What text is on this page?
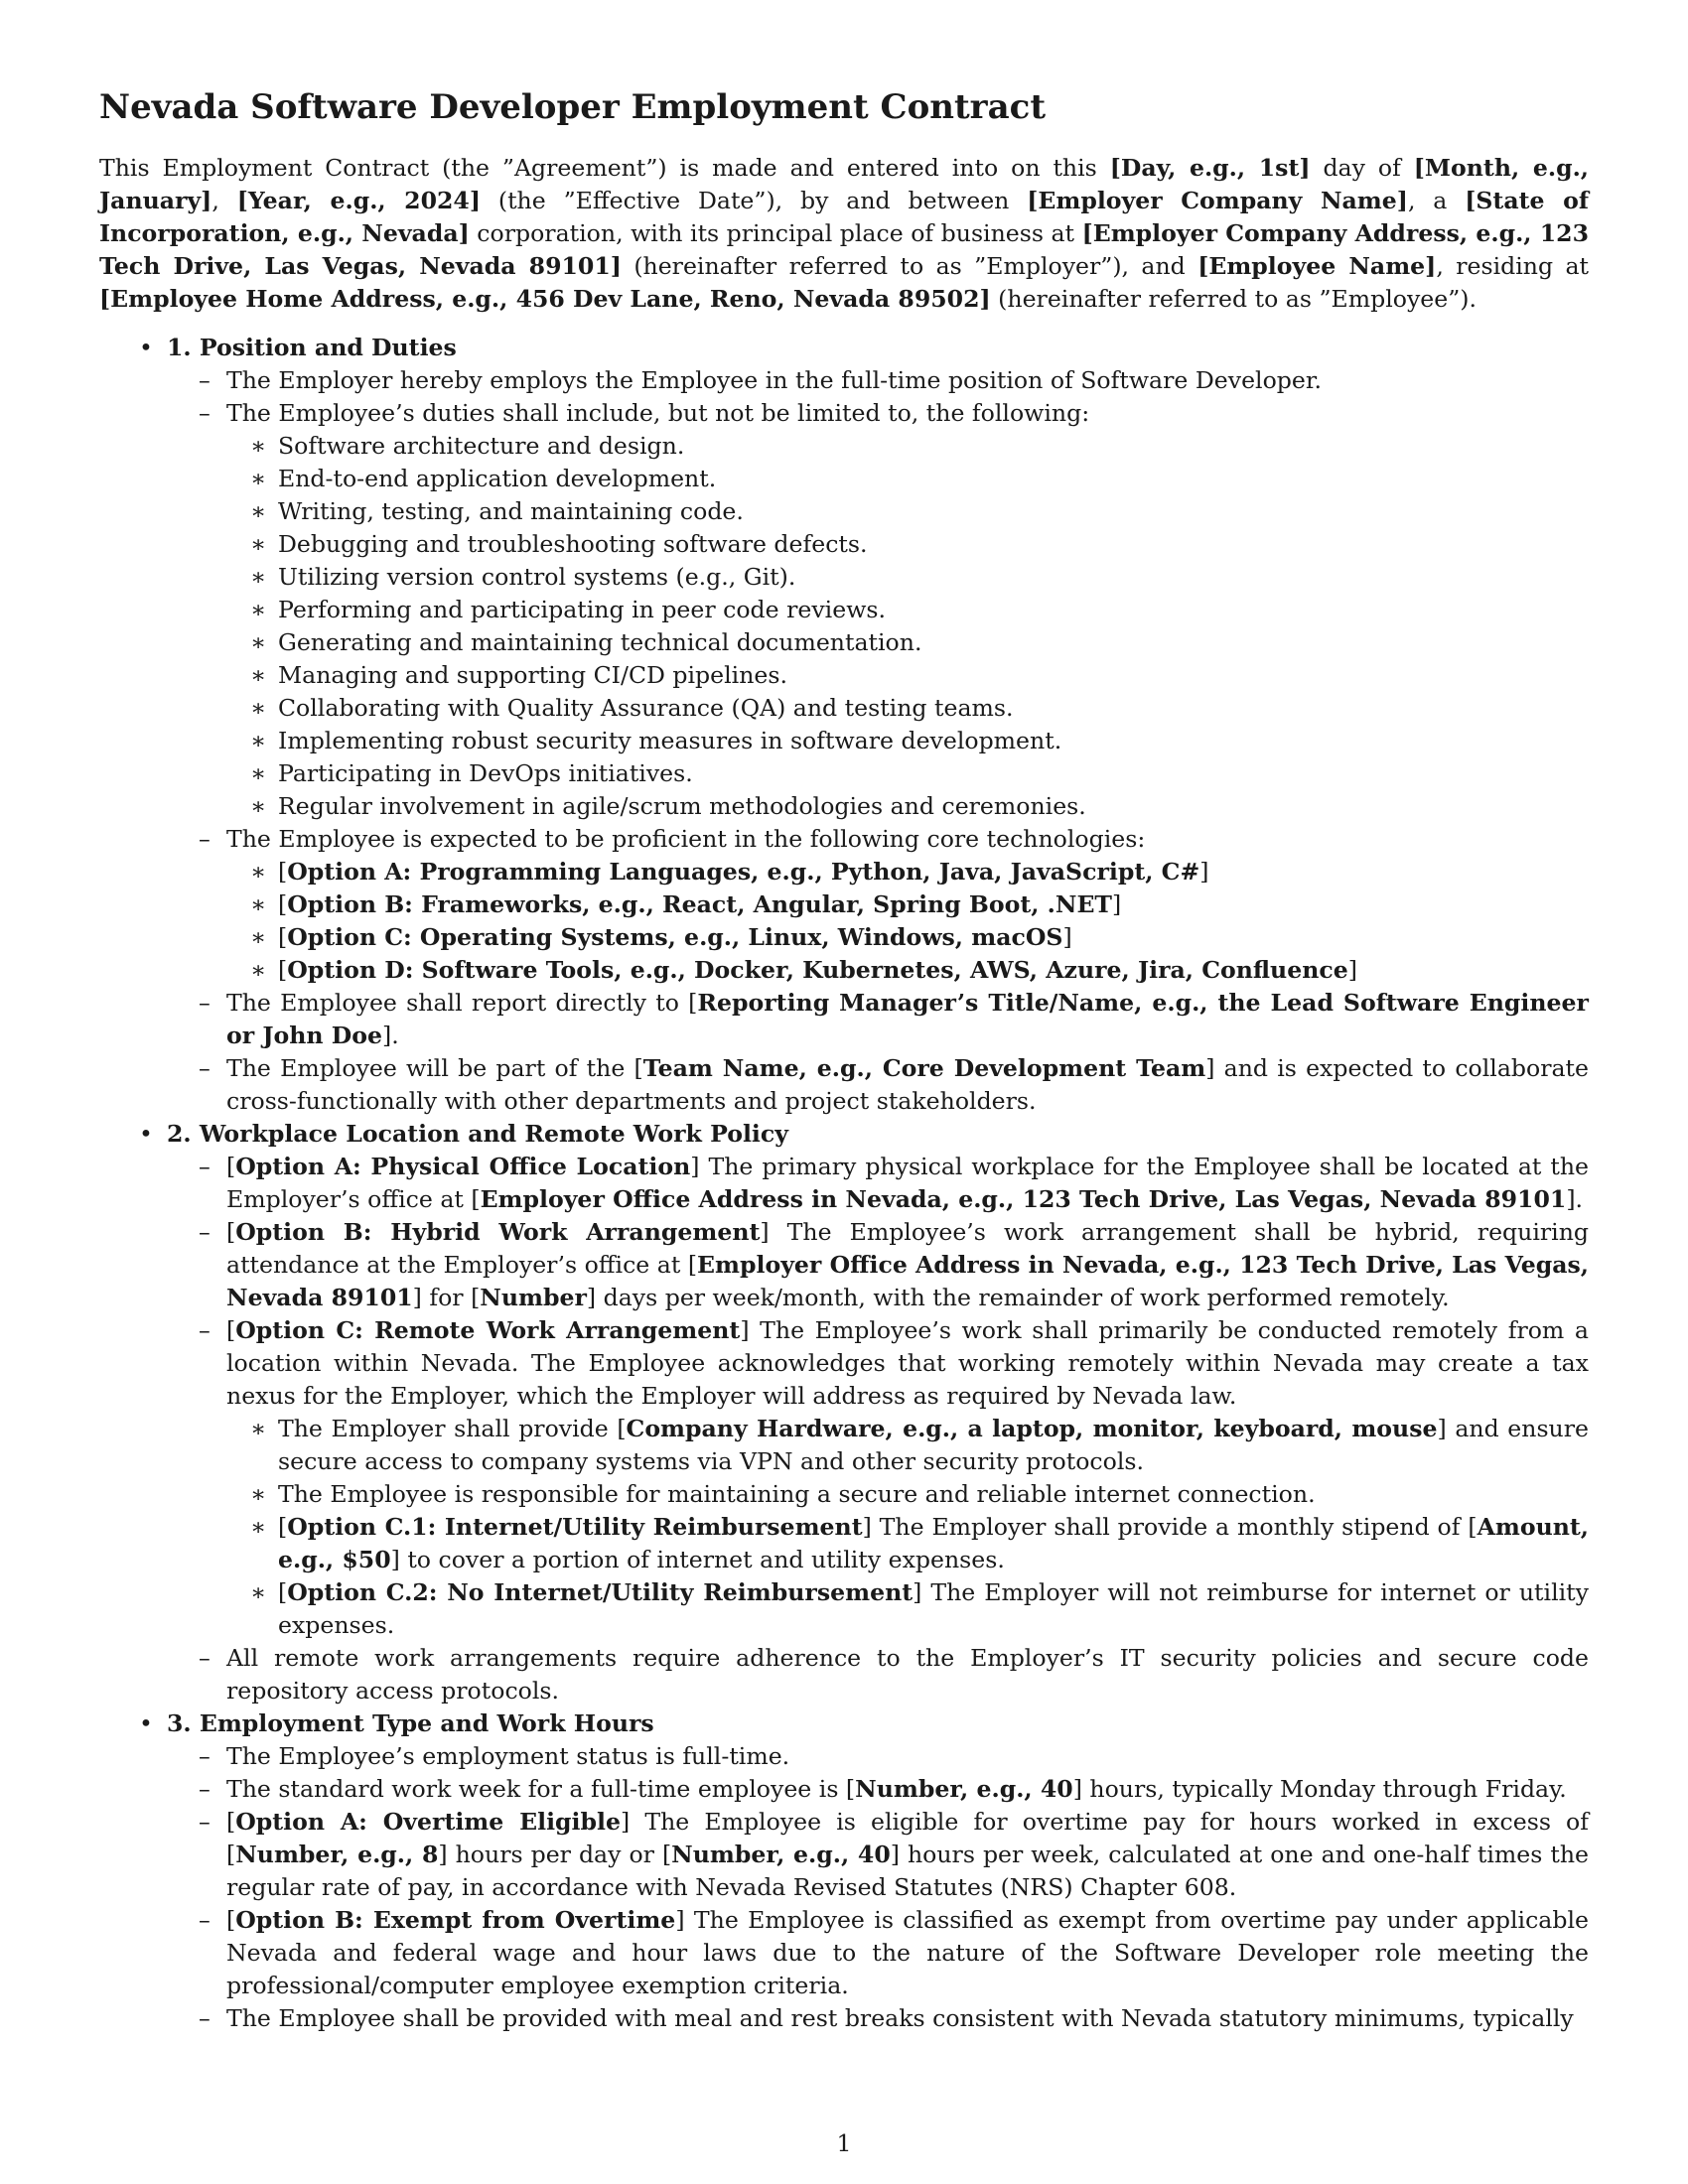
Nevada Software Developer Employment Contract

This Employment Contract (the ”Agreement”) is made and entered into on this [Day, e.g., 1st] day of [Month, e.g., January], [Year, e.g., 2024] (the ”Effective Date”), by and between [Employer Company Name], a [State of Incorporation, e.g., Nevada] corporation, with its principal place of business at [Employer Company Address, e.g., 123 Tech Drive, Las Vegas, Nevada 89101] (hereinafter referred to as ”Employer”), and [Employee Name], residing at [Employee Home Address, e.g., 456 Dev Lane, Reno, Nevada 89502] (hereinafter referred to as ”Employee”).

• 1. Position and Duties
– The Employer hereby employs the Employee in the full-time position of Software Developer.
– The Employee’s duties shall include, but not be limited to, the following:
∗ Software architecture and design.
∗ End-to-end application development.
∗ Writing, testing, and maintaining code.
∗ Debugging and troubleshooting software defects.
∗ Utilizing version control systems (e.g., Git).
∗ Performing and participating in peer code reviews.
∗ Generating and maintaining technical documentation.
∗ Managing and supporting CI/CD pipelines.
∗ Collaborating with Quality Assurance (QA) and testing teams.
∗ Implementing robust security measures in software development.
∗ Participating in DevOps initiatives.
∗ Regular involvement in agile/scrum methodologies and ceremonies.
– The Employee is expected to be proficient in the following core technologies:
∗ [Option A: Programming Languages, e.g., Python, Java, JavaScript, C#]
∗ [Option B: Frameworks, e.g., React, Angular, Spring Boot, .NET]
∗ [Option C: Operating Systems, e.g., Linux, Windows, macOS]
∗ [Option D: Software Tools, e.g., Docker, Kubernetes, AWS, Azure, Jira, Confluence]
– The Employee shall report directly to [Reporting Manager’s Title/Name, e.g., the Lead Software Engineer or John Doe].
– The Employee will be part of the [Team Name, e.g., Core Development Team] and is expected to collaborate cross-functionally with other departments and project stakeholders.
• 2. Workplace Location and Remote Work Policy
– [Option A: Physical Office Location] The primary physical workplace for the Employee shall be located at the Employer’s office at [Employer Office Address in Nevada, e.g., 123 Tech Drive, Las Vegas, Nevada 89101].
– [Option B: Hybrid Work Arrangement] The Employee’s work arrangement shall be hybrid, requiring attendance at the Employer’s office at [Employer Office Address in Nevada, e.g., 123 Tech Drive, Las Vegas, Nevada 89101] for [Number] days per week/month, with the remainder of work performed remotely.
– [Option C: Remote Work Arrangement] The Employee’s work shall primarily be conducted remotely from a location within Nevada. The Employee acknowledges that working remotely within Nevada may create a tax nexus for the Employer, which the Employer will address as required by Nevada law.
∗ The Employer shall provide [Company Hardware, e.g., a laptop, monitor, keyboard, mouse] and ensure secure access to company systems via VPN and other security protocols.
∗ The Employee is responsible for maintaining a secure and reliable internet connection.
∗ [Option C.1: Internet/Utility Reimbursement] The Employer shall provide a monthly stipend of [Amount, e.g., $50] to cover a portion of internet and utility expenses.
∗ [Option C.2: No Internet/Utility Reimbursement] The Employer will not reimburse for internet or utility expenses.
– All remote work arrangements require adherence to the Employer’s IT security policies and secure code repository access protocols.
• 3. Employment Type and Work Hours
– The Employee’s employment status is full-time.
– The standard work week for a full-time employee is [Number, e.g., 40] hours, typically Monday through Friday.
– [Option A: Overtime Eligible] The Employee is eligible for overtime pay for hours worked in excess of [Number, e.g., 8] hours per day or [Number, e.g., 40] hours per week, calculated at one and one-half times the regular rate of pay, in accordance with Nevada Revised Statutes (NRS) Chapter 608.
– [Option B: Exempt from Overtime] The Employee is classified as exempt from overtime pay under applicable Nevada and federal wage and hour laws due to the nature of the Software Developer role meeting the professional/computer employee exemption criteria.
– The Employee shall be provided with meal and rest breaks consistent with Nevada statutory minimums, typically
1
